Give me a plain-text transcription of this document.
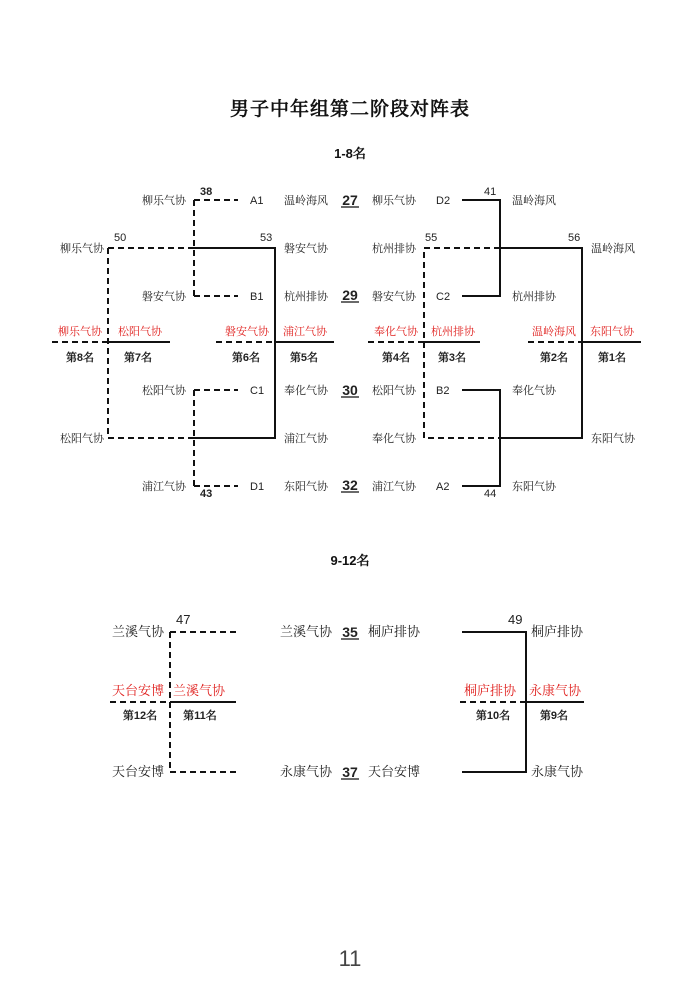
男子中年组第二阶段对阵表
1-8名
9-12名
柳乐气协
磐安气协
松阳气协
浦江气协
柳乐气协
松阳气协
A1
B1
C1
D1
温岭海风
磐安气协
杭州排协
浦江气协
奉化气协
东阳气协
27
29
30
32
柳乐气协
杭州排协
磐安气协
松阳气协
奉化气协
浦江气协
D2
C2
B2
A2
温岭海风
杭州排协
奉化气协
东阳气协
温岭海风
东阳气协
38
50	53
43
41
55	56
44
柳乐气协 松阳气协	磐安气协 浦江气协	奉化气协 杭州排协	温岭海风 东阳气协
第8名	第7名	第6名	第5名	第4名	第3名	第2名	第1名
兰溪气协
天台安博
兰溪气协
永康气协
35
37
桐庐排协
天台安博
桐庐排协
永康气协
47	49
天台安博 兰溪气协	桐庐排协 永康气协
第12名 第11名	第10名	第9名
11
